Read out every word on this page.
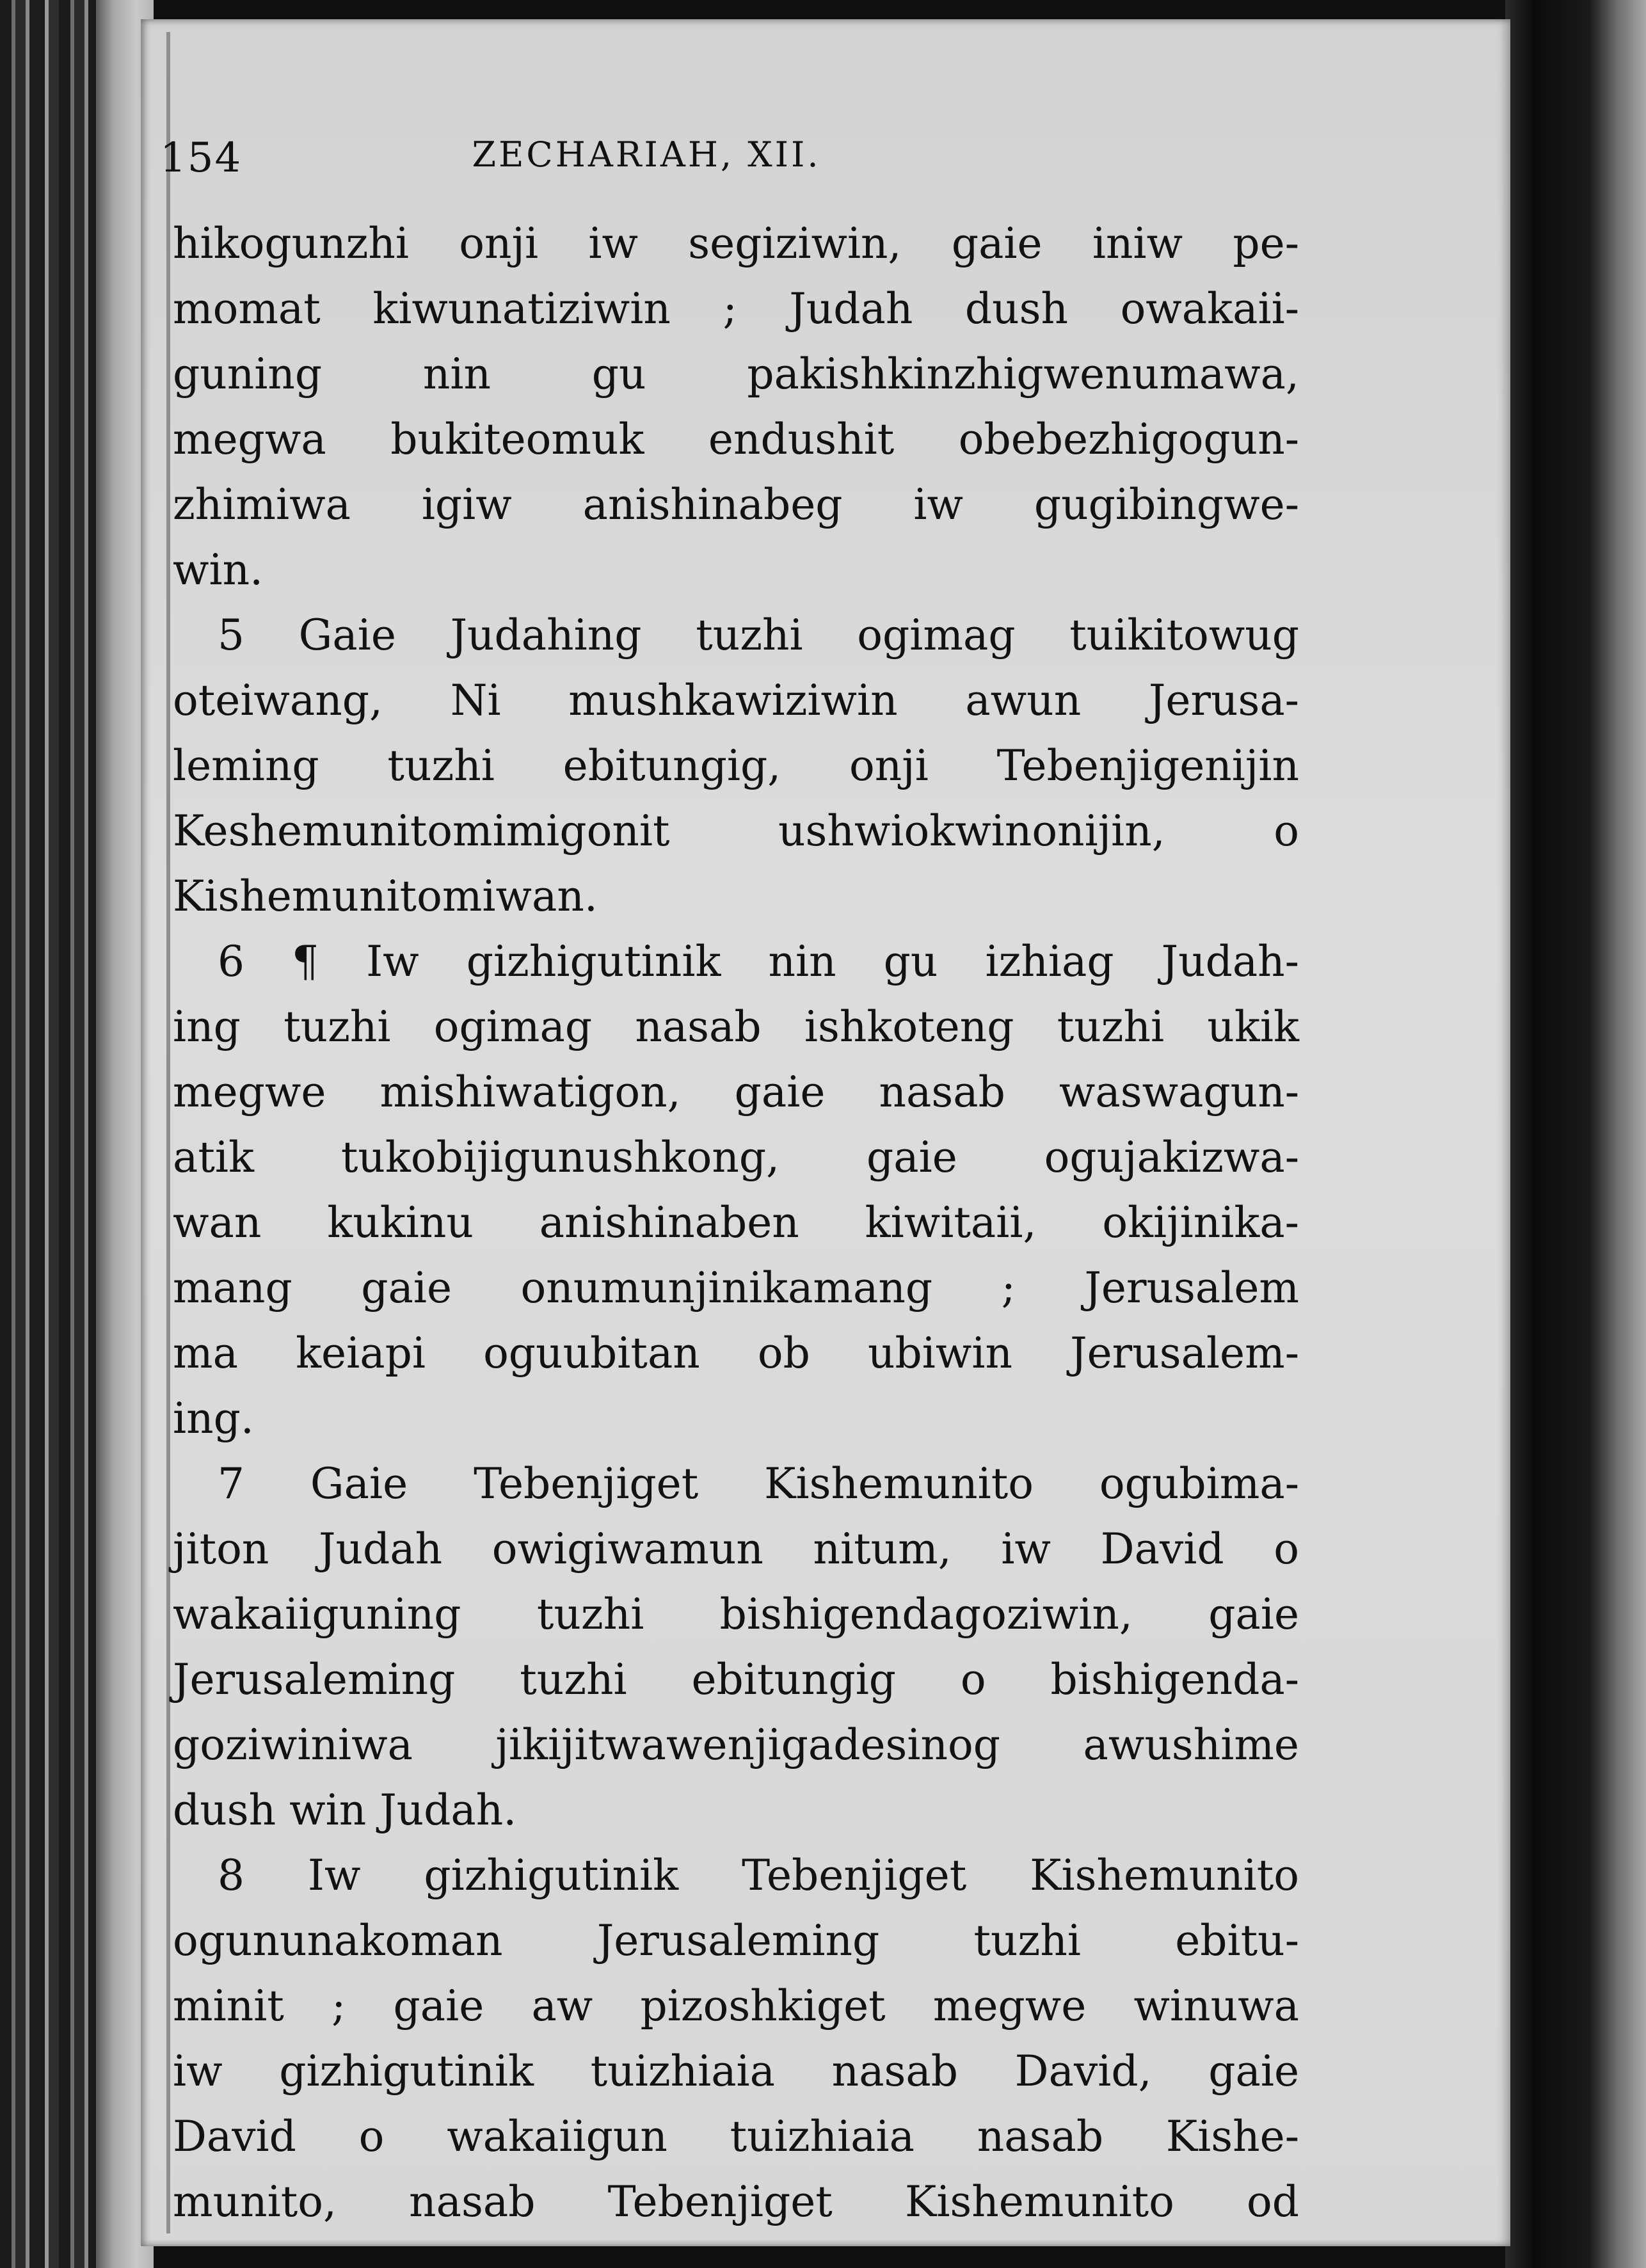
154	ZECHARIAH, XII.
hikogunzhi onji iw segiziwin, gaie iniw pe-
momat kiwunatiziwin ; Judah dush owakaii-
guning nin gu pakishkinzhigwenumawa,
megwa bukiteomuk endushit obebezhigogun-
zhimiwa igiw anishinabeg iw gugibingwe-
win.
5 Gaie Judahing tuzhi ogimag tuikitowug
oteiwang, Ni mushkawiziwin awun Jerusa-
leming tuzhi ebitungig, onji Tebenjigenijin
Keshemunitomimigonit ushwiokwinonijin, o
Kishemunitomiwan.
6 ¶ Iw gizhigutinik nin gu izhiag Judah-
ing tuzhi ogimag nasab ishkoteng tuzhi ukik
megwe mishiwatigon, gaie nasab waswagun-
atik tukobijigunushkong, gaie ogujakizwa-
wan kukinu anishinaben kiwitaii, okijinika-
mang gaie onumunjinikamang ; Jerusalem
ma keiapi oguubitan ob ubiwin Jerusalem-
ing.
7 Gaie Tebenjiget Kishemunito ogubima-
jiton Judah owigiwamun nitum, iw David o
wakaiiguning tuzhi bishigendagoziwin, gaie
Jerusaleming tuzhi ebitungig o bishigenda-
goziwiniwa jikijitwawenjigadesinog awushime
dush win Judah.
8 Iw gizhigutinik Tebenjiget Kishemunito
ogununakoman Jerusaleming tuzhi ebitu-
minit ; gaie aw pizoshkiget megwe winuwa
iw gizhigutinik tuizhiaia nasab David, gaie
David o wakaiigun tuizhiaia nasab Kishe-
munito, nasab Tebenjiget Kishemunito od
